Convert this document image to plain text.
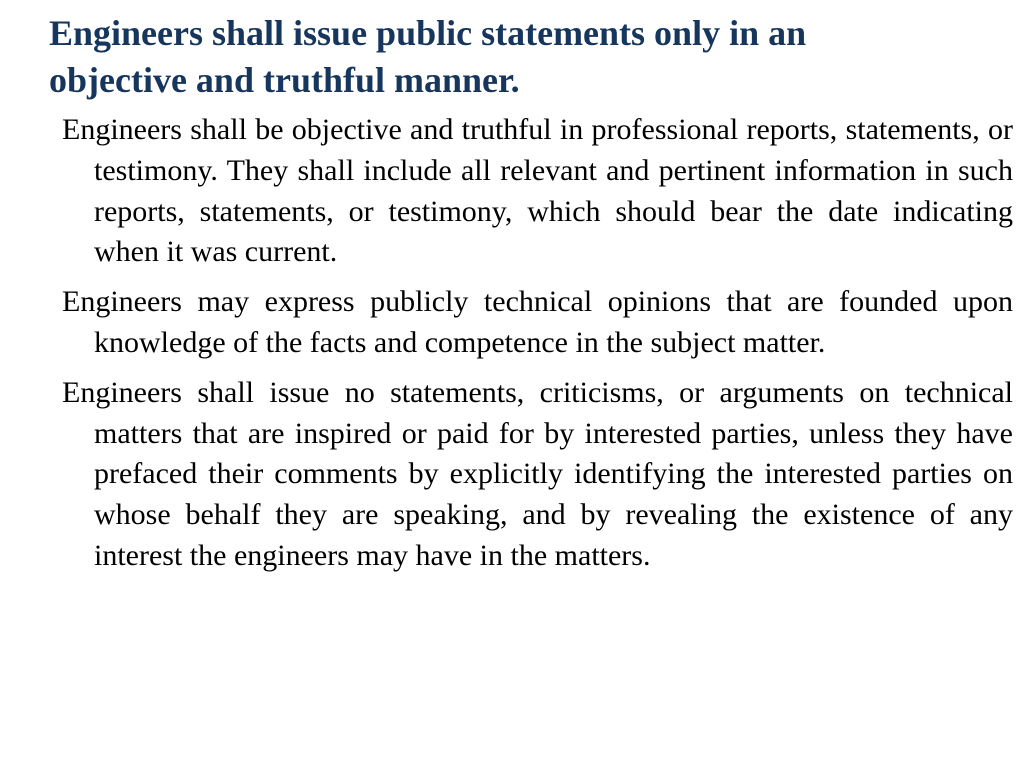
Engineers shall issue public statements only in an objective and truthful manner.
Engineers shall be objective and truthful in professional reports, statements, or testimony. They shall include all relevant and pertinent information in such reports, statements, or testimony, which should bear the date indicating when it was current.
Engineers may express publicly technical opinions that are founded upon knowledge of the facts and competence in the subject matter.
Engineers shall issue no statements, criticisms, or arguments on technical matters that are inspired or paid for by interested parties, unless they have prefaced their comments by explicitly identifying the interested parties on whose behalf they are speaking, and by revealing the existence of any interest the engineers may have in the matters.
